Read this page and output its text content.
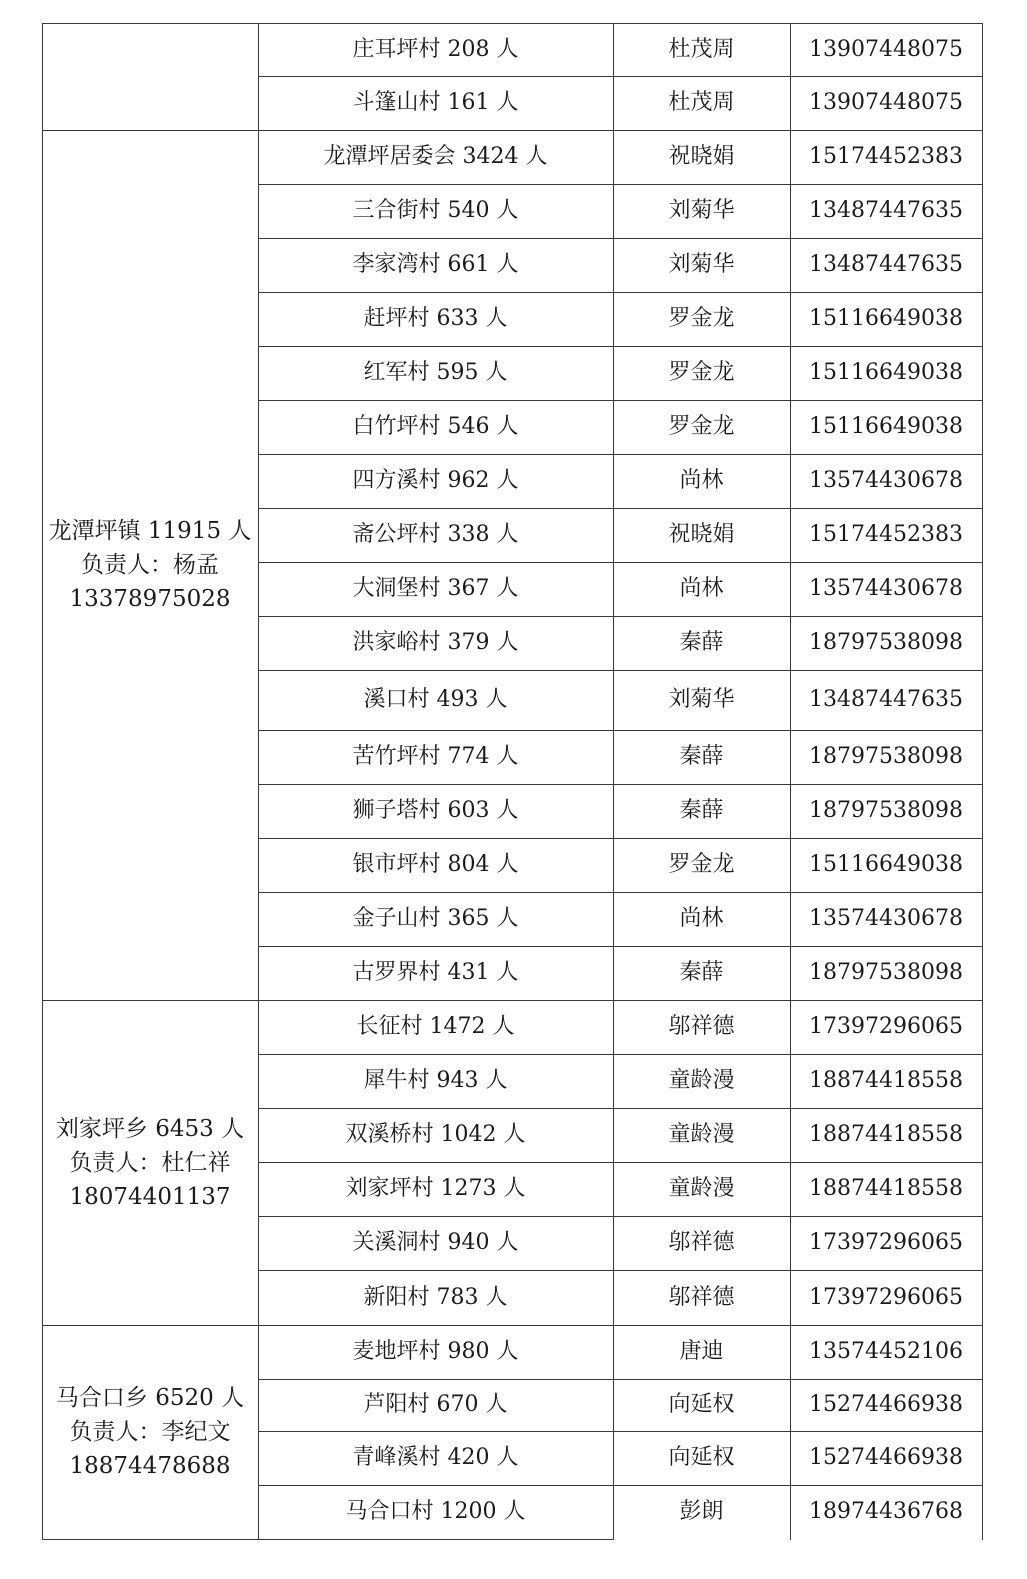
庄耳坪村 208 人	杜茂周	13907448075
斗篷山村 161 人	杜茂周	13907448075
龙潭坪镇 11915 人
负责人：杨孟
13378975028
龙潭坪居委会 3424 人	祝晓娟	15174452383
三合街村 540 人	刘菊华	13487447635
李家湾村 661 人	刘菊华	13487447635
赶坪村 633 人	罗金龙	15116649038
红军村 595 人	罗金龙	15116649038
白竹坪村 546 人	罗金龙	15116649038
四方溪村 962 人	尚林	13574430678
斋公坪村 338 人	祝晓娟	15174452383
大洞堡村 367 人	尚林	13574430678
洪家峪村 379 人	秦薛	18797538098
溪口村 493 人	刘菊华	13487447635
苦竹坪村 774 人	秦薛	18797538098
狮子塔村 603 人	秦薛	18797538098
银市坪村 804 人	罗金龙	15116649038
金子山村 365 人	尚林	13574430678
古罗界村 431 人	秦薛	18797538098
刘家坪乡 6453 人
负责人：杜仁祥
18074401137
长征村 1472 人	邬祥德	17397296065
犀牛村 943 人	童龄漫	18874418558
双溪桥村 1042 人	童龄漫	18874418558
刘家坪村 1273 人	童龄漫	18874418558
关溪洞村 940 人	邬祥德	17397296065
新阳村 783 人	邬祥德	17397296065
马合口乡 6520 人
负责人：李纪文
18874478688
麦地坪村 980 人	唐迪	13574452106
芦阳村 670 人	向延权	15274466938
青峰溪村 420 人	向延权	15274466938
马合口村 1200 人	彭朗	18974436768
